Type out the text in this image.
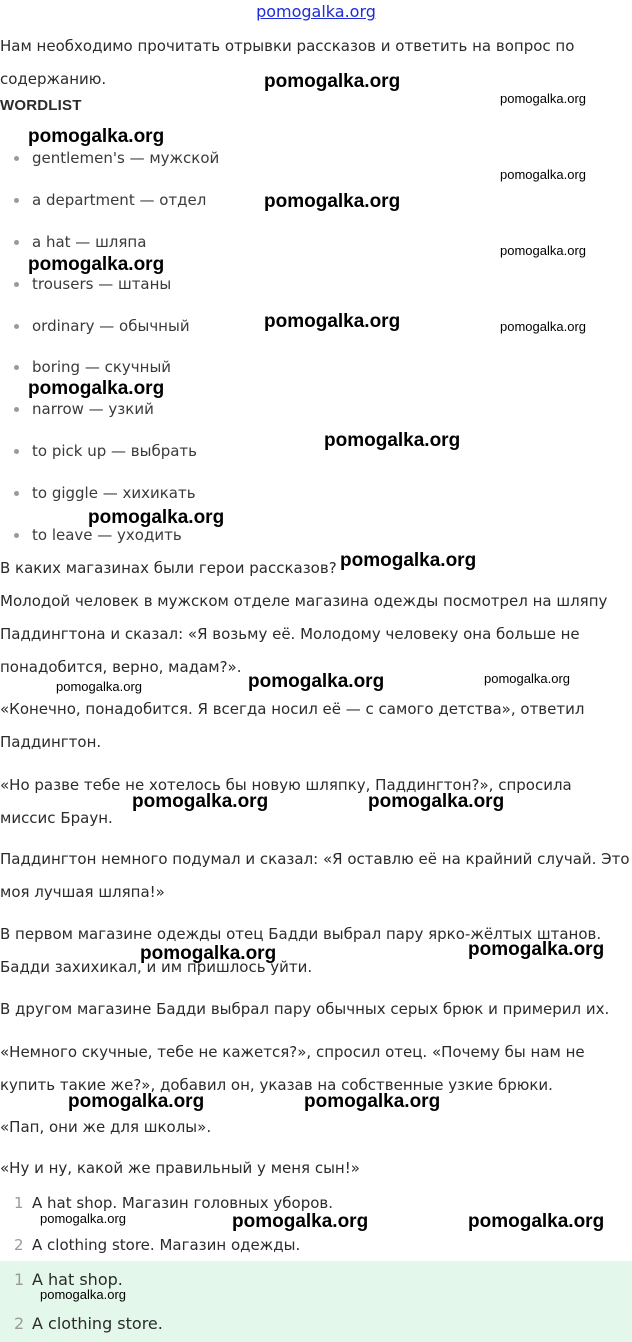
pomogalka.org
Нам необходимо прочитать отрывки рассказов и ответить на вопрос по содержанию.
WORDLIST
gentlemen's — мужской
a department — отдел
a hat — шляпа
trousers — штаны
ordinary — обычный
boring — скучный
narrow — узкий
to pick up — выбрать
to giggle — хихикать
to leave — уходить
В каких магазинах были герои рассказов?
Молодой человек в мужском отделе магазина одежды посмотрел на шляпу Паддингтона и сказал: «Я возьму её. Молодому человеку она больше не понадобится, верно, мадам?».
«Конечно, понадобится. Я всегда носил её — с самого детства», ответил Паддингтон.
«Но разве тебе не хотелось бы новую шляпку, Паддингтон?», спросила миссис Браун.
Паддингтон немного подумал и сказал: «Я оставлю её на крайний случай. Это моя лучшая шляпа!»
В первом магазине одежды отец Бадди выбрал пару ярко-жёлтых штанов. Бадди захихикал, и им пришлось уйти.
В другом магазине Бадди выбрал пару обычных серых брюк и примерил их.
«Немного скучные, тебе не кажется?», спросил отец. «Почему бы нам не купить такие же?», добавил он, указав на собственные узкие брюки.
«Пап, они же для школы».
«Ну и ну, какой же правильный у меня сын!»
1 A hat shop. Магазин головных уборов.
2 A clothing store. Магазин одежды.
1 A hat shop.
2 A clothing store.
pomogalka.org
pomogalka.org
pomogalka.org
pomogalka.org
pomogalka.org
pomogalka.org
pomogalka.org
pomogalka.org	pomogalka.org
pomogalka.org
pomogalka.org
pomogalka.org
pomogalka.org
pomogalka.org	pomogalka.org	pomogalka.org
pomogalka.org	pomogalka.org
pomogalka.org	pomogalka.org
pomogalka.org	pomogalka.org
pomogalka.org	pomogalka.org	pomogalka.org
pomogalka.org
